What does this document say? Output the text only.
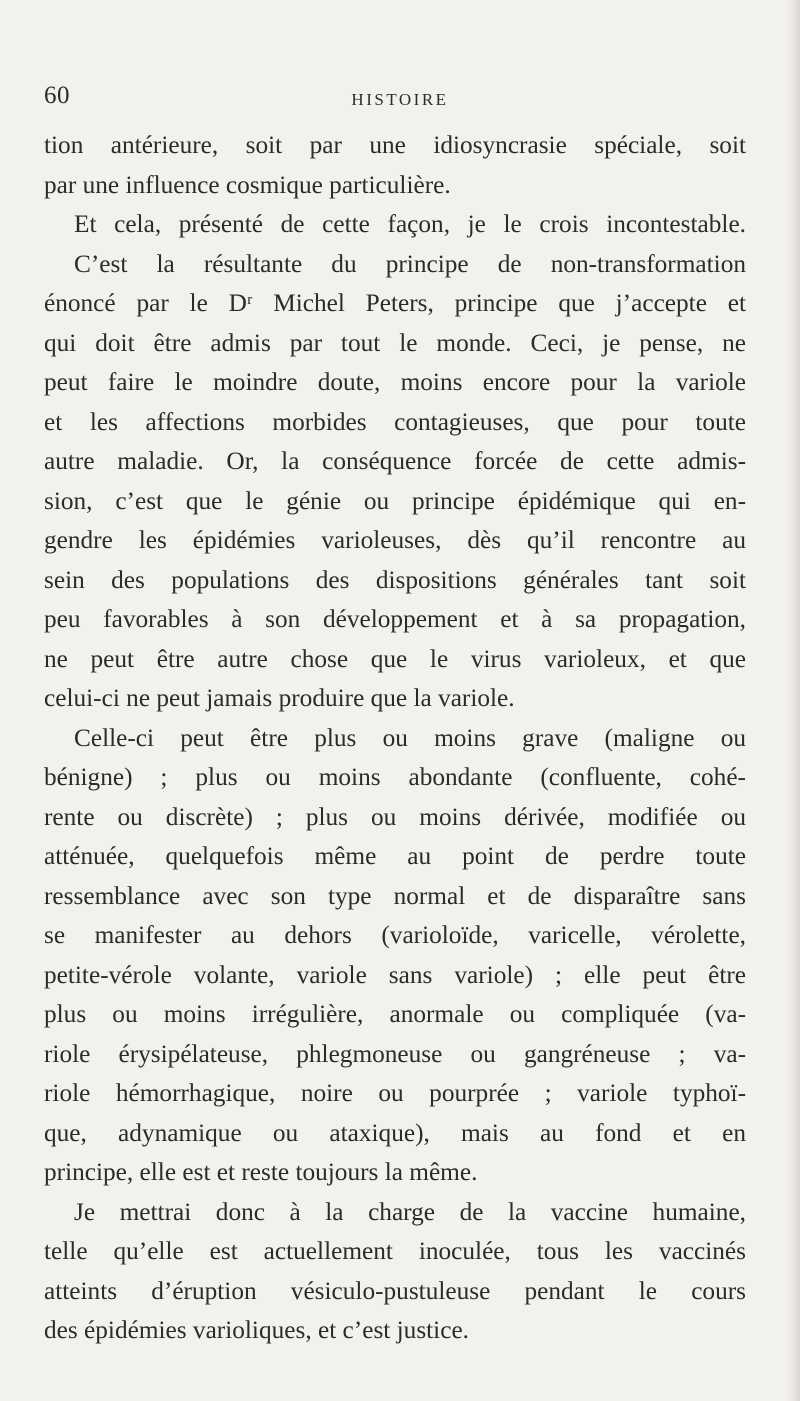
60	HISTOIRE
tion antérieure, soit par une idiosyncrasie spéciale, soit
par une influence cosmique particulière.
Et cela, présenté de cette façon, je le crois incontestable.
C’est la résultante du principe de non-transformation
énoncé par le Dʳ Michel Peters, principe que j’accepte et
qui doit être admis par tout le monde. Ceci, je pense, ne
peut faire le moindre doute, moins encore pour la variole
et les affections morbides contagieuses, que pour toute
autre maladie. Or, la conséquence forcée de cette admis-
sion, c’est que le génie ou principe épidémique qui en-
gendre les épidémies varioleuses, dès qu’il rencontre au
sein des populations des dispositions générales tant soit
peu favorables à son développement et à sa propagation,
ne peut être autre chose que le virus varioleux, et que
celui-ci ne peut jamais produire que la variole.
Celle-ci peut être plus ou moins grave (maligne ou
bénigne) ; plus ou moins abondante (confluente, cohé-
rente ou discrète) ; plus ou moins dérivée, modifiée ou
atténuée, quelquefois même au point de perdre toute
ressemblance avec son type normal et de disparaître sans
se manifester au dehors (varioloïde, varicelle, vérolette,
petite-vérole volante, variole sans variole) ; elle peut être
plus ou moins irrégulière, anormale ou compliquée (va-
riole érysipélateuse, phlegmoneuse ou gangréneuse ; va-
riole hémorrhagique, noire ou pourprée ; variole typhoï-
que, adynamique ou ataxique), mais au fond et en
principe, elle est et reste toujours la même.
Je mettrai donc à la charge de la vaccine humaine,
telle qu’elle est actuellement inoculée, tous les vaccinés
atteints d’éruption vésiculo-pustuleuse pendant le cours
des épidémies varioliques, et c’est justice.
